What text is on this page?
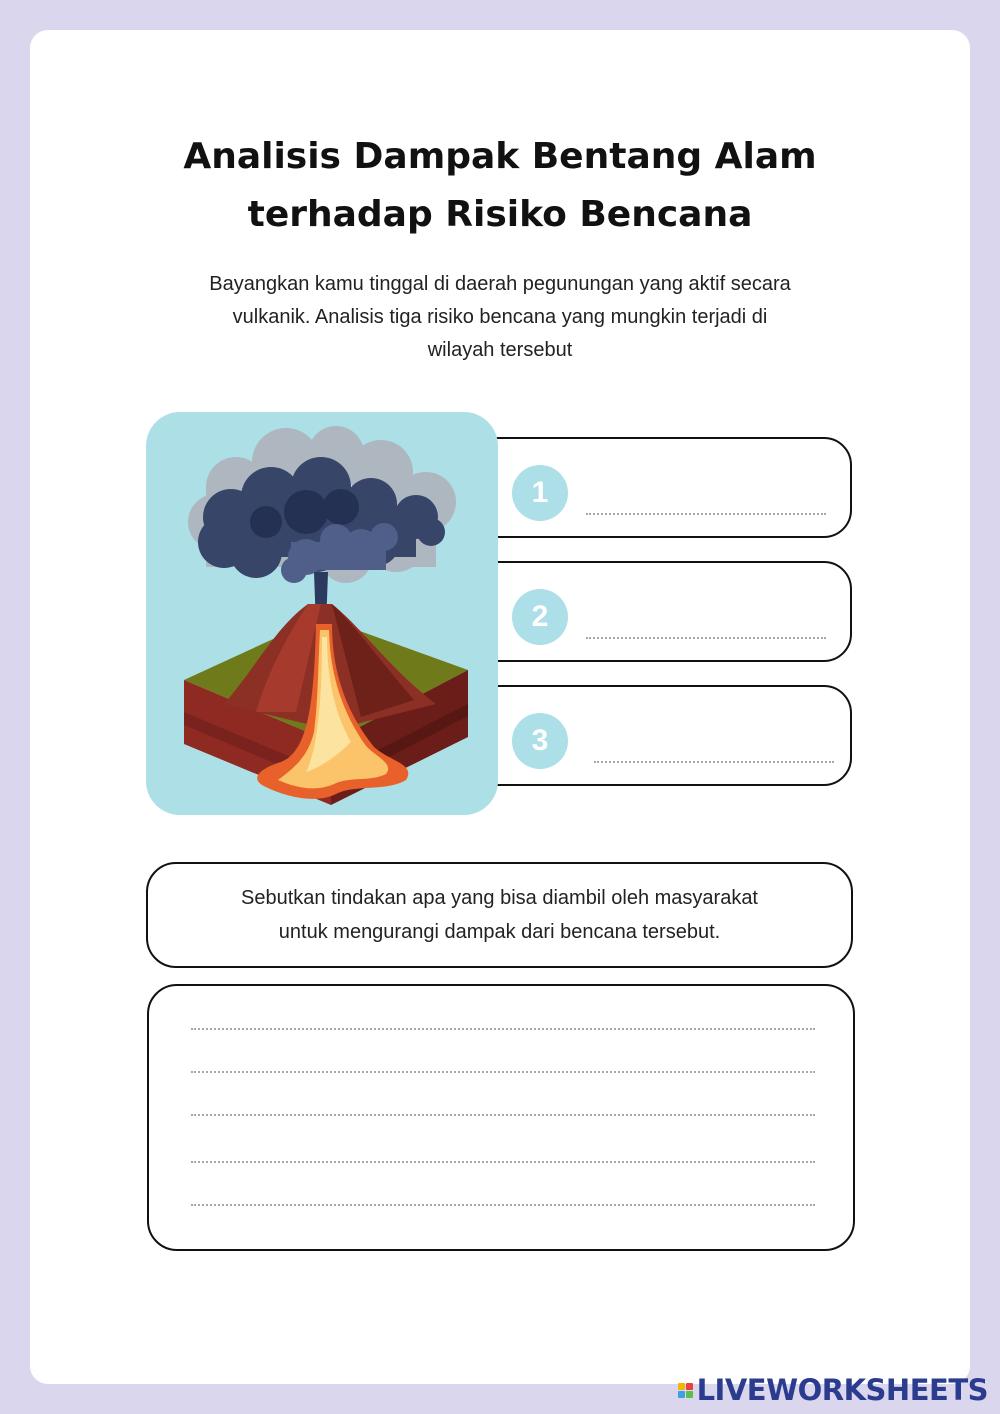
Analisis Dampak Bentang Alam
terhadap Risiko Bencana
Bayangkan kamu tinggal di daerah pegunungan yang aktif secara
vulkanik. Analisis tiga risiko bencana yang mungkin terjadi di
wilayah tersebut
1
2
3
Sebutkan tindakan apa yang bisa diambil oleh masyarakat
untuk mengurangi dampak dari bencana tersebut.
LIVEWORKSHEETS
